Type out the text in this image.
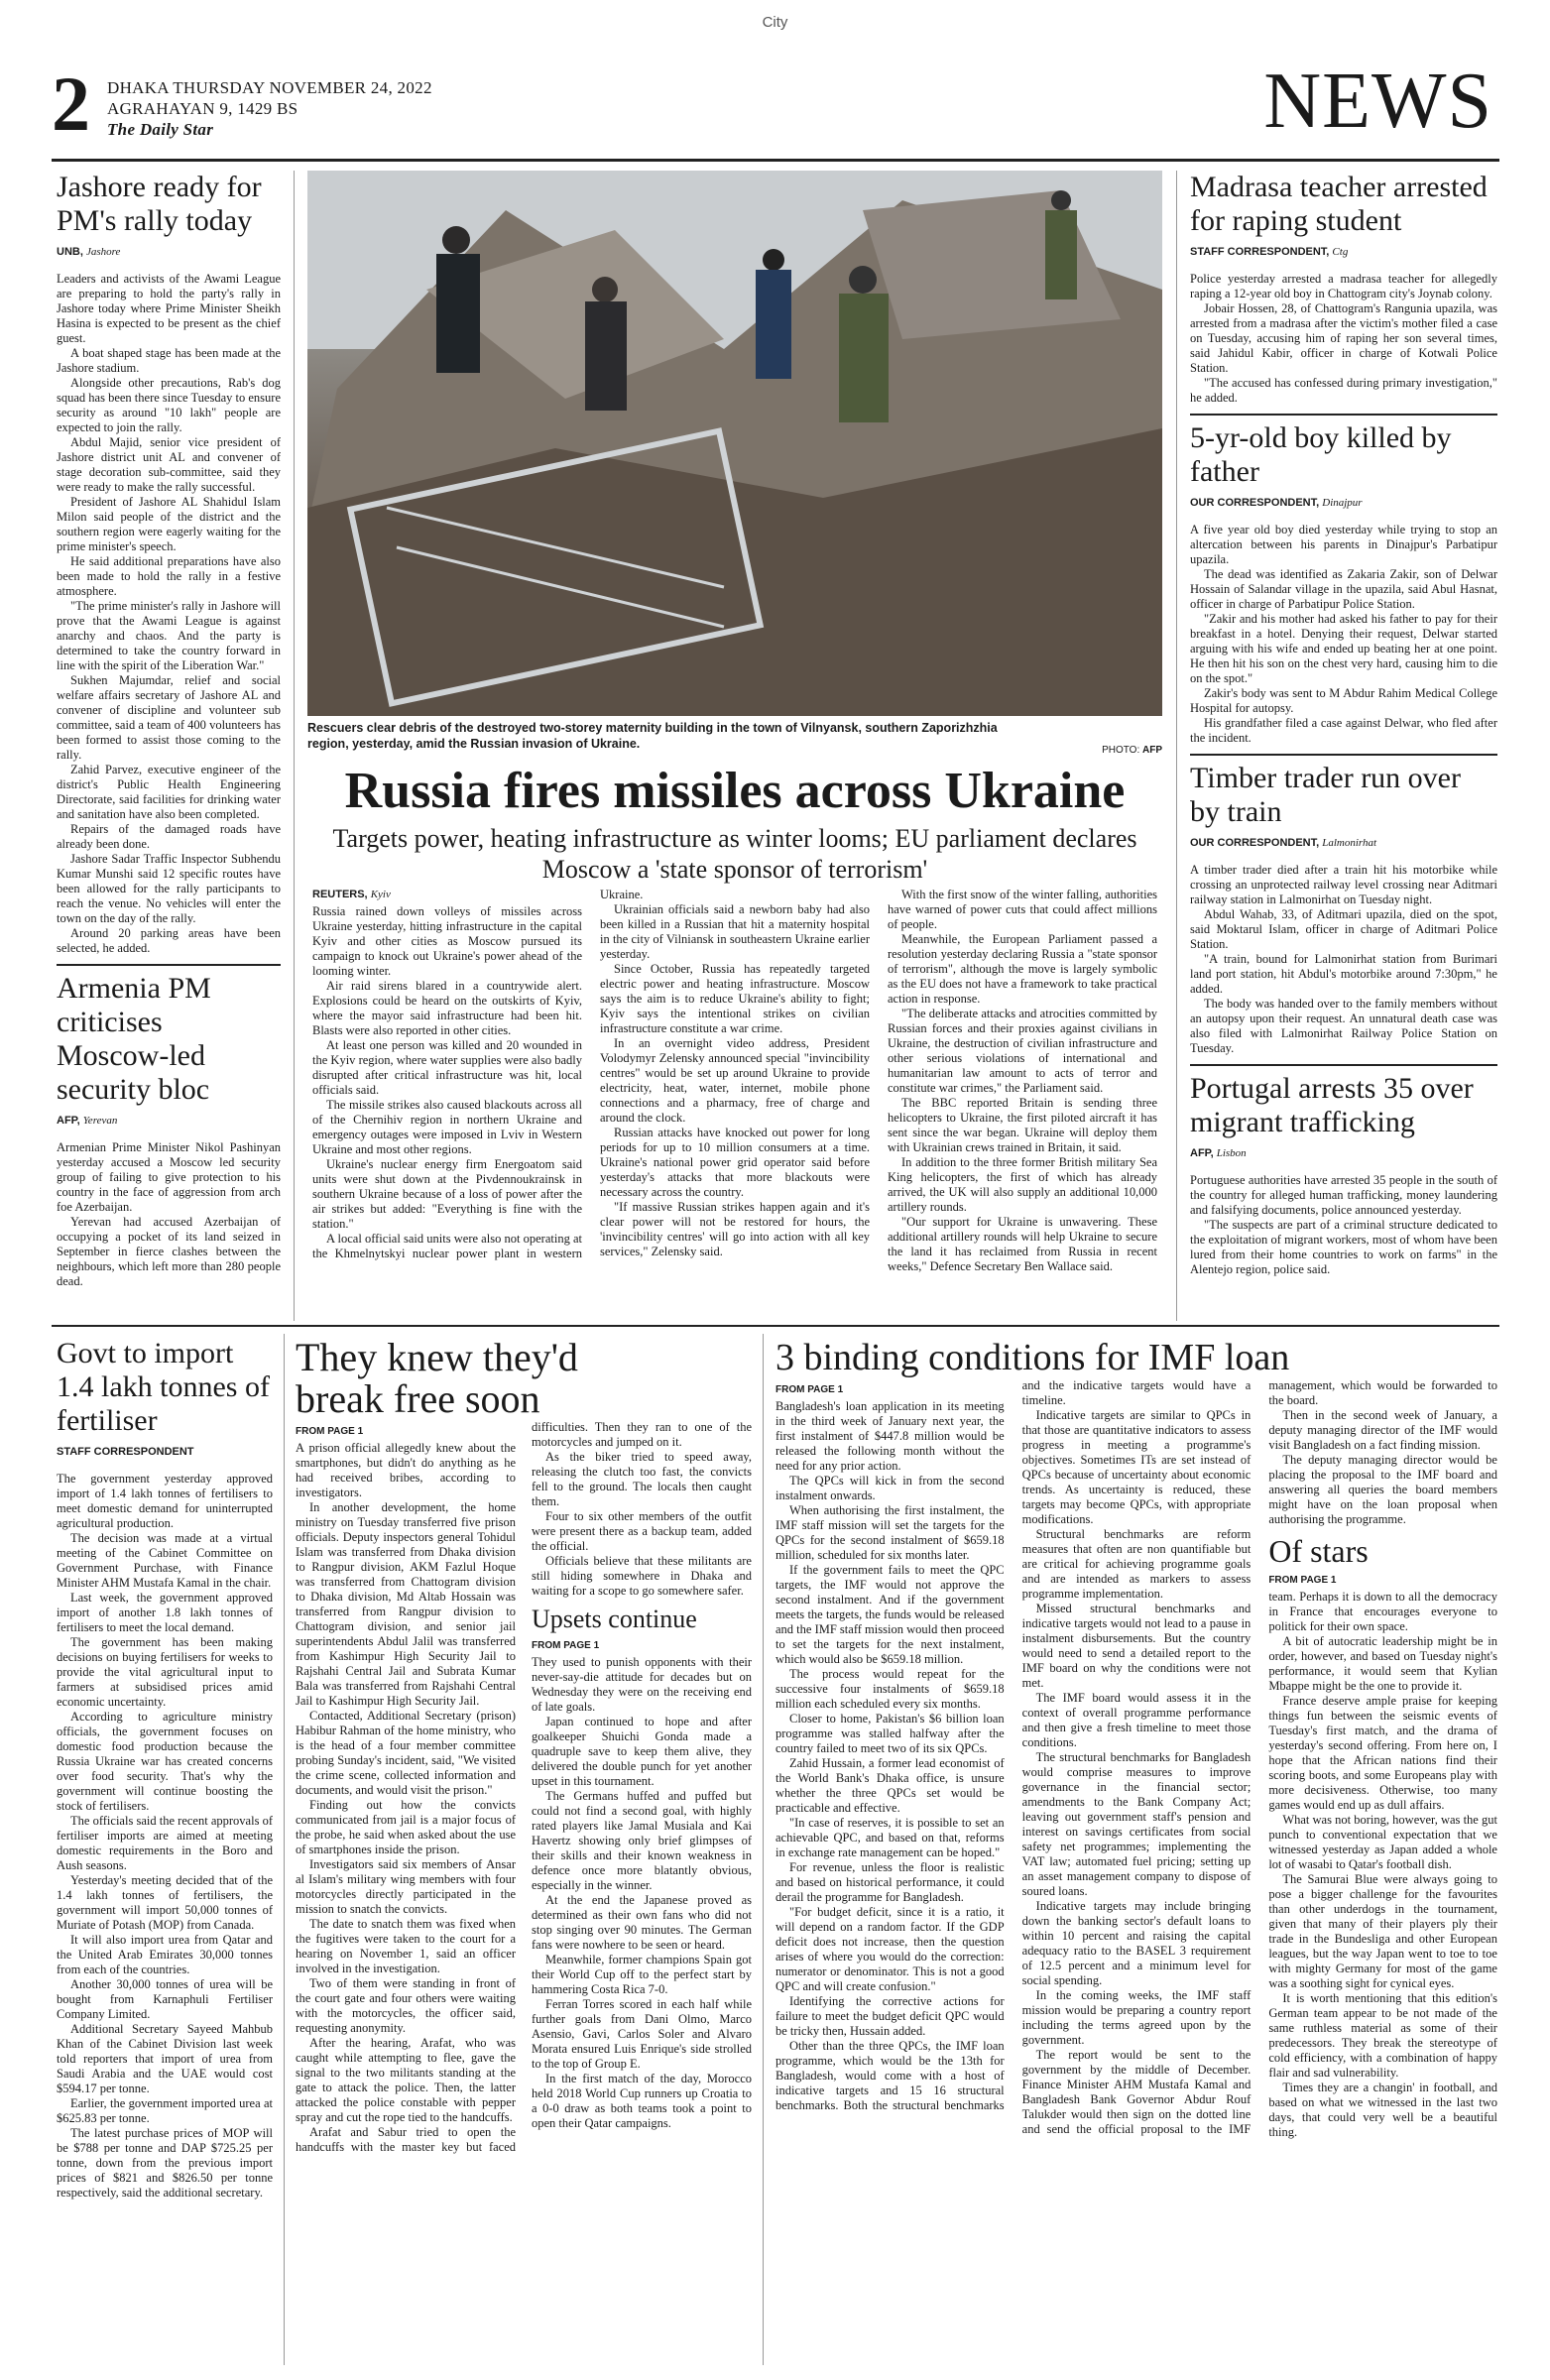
City
2 DHAKA THURSDAY NOVEMBER 24, 2022
AGRAHAYAN 9, 1429 BS
The Daily Star	NEWS
Jashore ready for PM's rally today
UNB, Jashore

Leaders and activists of the Awami League are preparing to hold the party's rally in Jashore today where Prime Minister Sheikh Hasina is expected to be present as the chief guest.

A boat shaped stage has been made at the Jashore stadium.

Alongside other precautions, Rab's dog squad has been there since Tuesday to ensure security as around "10 lakh" people are expected to join the rally.

Abdul Majid, senior vice president of Jashore district unit AL and convener of stage decoration sub-committee, said they were ready to make the rally successful.

President of Jashore AL Shahidul Islam Milon said people of the district and the southern region were eagerly waiting for the prime minister's speech.

He said additional preparations have also been made to hold the rally in a festive atmosphere.

"The prime minister's rally in Jashore will prove that the Awami League is against anarchy and chaos. And the party is determined to take the country forward in line with the spirit of the Liberation War."

Sukhen Majumdar, relief and social welfare affairs secretary of Jashore AL and convener of discipline and volunteer sub committee, said a team of 400 volunteers has been formed to assist those coming to the rally.

Zahid Parvez, executive engineer of the district's Public Health Engineering Directorate, said facilities for drinking water and sanitation have also been completed.

Repairs of the damaged roads have already been done.

Jashore Sadar Traffic Inspector Subhendu Kumar Munshi said 12 specific routes have been allowed for the rally participants to reach the venue. No vehicles will enter the town on the day of the rally.

Around 20 parking areas have been selected, he added.

Armenia PM criticises Moscow-led security bloc
AFP, Yerevan

Armenian Prime Minister Nikol Pashinyan yesterday accused a Moscow led security group of failing to give protection to his country in the face of aggression from arch foe Azerbaijan.

Yerevan had accused Azerbaijan of occupying a pocket of its land seized in September in fierce clashes between the neighbours, which left more than 280 people dead.

Rescuers clear debris of the destroyed two-storey maternity building in the town of Vilnyansk, southern Zaporizhzhia region, yesterday, amid the Russian invasion of Ukraine.	PHOTO: AFP
Russia fires missiles across Ukraine
Targets power, heating infrastructure as winter looms; EU parliament declares Moscow a 'state sponsor of terrorism'
REUTERS, Kyiv

Russia rained down volleys of missiles across Ukraine yesterday, hitting infrastructure in the capital Kyiv and other cities as Moscow pursued its campaign to knock out Ukraine's power ahead of the looming winter.

Air raid sirens blared in a countrywide alert. Explosions could be heard on the outskirts of Kyiv, where the mayor said infrastructure had been hit. Blasts were also reported in other cities.

At least one person was killed and 20 wounded in the Kyiv region, where water supplies were also badly disrupted after critical infrastructure was hit, local officials said.

The missile strikes also caused blackouts across all of the Chernihiv region in northern Ukraine and emergency outages were imposed in Lviv in Western Ukraine and most other regions.

Ukraine's nuclear energy firm Energoatom said units were shut down at the Pivdennoukrainsk in southern Ukraine because of a loss of power after the air strikes but added: "Everything is fine with the station."

A local official said units were also not operating at the Khmelnytskyi nuclear power plant in western Ukraine.

Ukrainian officials said a newborn baby had also been killed in a Russian that hit a maternity hospital in the city of Vilniansk in southeastern Ukraine earlier yesterday.

Since October, Russia has repeatedly targeted electric power and heating infrastructure. Moscow says the aim is to reduce Ukraine's ability to fight; Kyiv says the intentional strikes on civilian infrastructure constitute a war crime.

In an overnight video address, President Volodymyr Zelensky announced special "invincibility centres" would be set up around Ukraine to provide electricity, heat, water, internet, mobile phone connections and a pharmacy, free of charge and around the clock.

Russian attacks have knocked out power for long periods for up to 10 million consumers at a time. Ukraine's national power grid operator said before yesterday's attacks that more blackouts were necessary across the country.

"If massive Russian strikes happen again and it's clear power will not be restored for hours, the 'invincibility centres' will go into action with all key services," Zelensky said.

With the first snow of the winter falling, authorities have warned of power cuts that could affect millions of people.

Meanwhile, the European Parliament passed a resolution yesterday declaring Russia a "state sponsor of terrorism", although the move is largely symbolic as the EU does not have a framework to take practical action in response.

"The deliberate attacks and atrocities committed by Russian forces and their proxies against civilians in Ukraine, the destruction of civilian infrastructure and other serious violations of international and humanitarian law amount to acts of terror and constitute war crimes," the Parliament said.

The BBC reported Britain is sending three helicopters to Ukraine, the first piloted aircraft it has sent since the war began. Ukraine will deploy them with Ukrainian crews trained in Britain, it said.

In addition to the three former British military Sea King helicopters, the first of which has already arrived, the UK will also supply an additional 10,000 artillery rounds.

"Our support for Ukraine is unwavering. These additional artillery rounds will help Ukraine to secure the land it has reclaimed from Russia in recent weeks," Defence Secretary Ben Wallace said.

Madrasa teacher arrested for raping student
STAFF CORRESPONDENT, Ctg

Police yesterday arrested a madrasa teacher for allegedly raping a 12-year old boy in Chattogram city's Joynab colony.

Jobair Hossen, 28, of Chattogram's Rangunia upazila, was arrested from a madrasa after the victim's mother filed a case on Tuesday, accusing him of raping her son several times, said Jahidul Kabir, officer in charge of Kotwali Police Station.

"The accused has confessed during primary investigation," he added.

5-yr-old boy killed by father
OUR CORRESPONDENT, Dinajpur

A five year old boy died yesterday while trying to stop an altercation between his parents in Dinajpur's Parbatipur upazila.

The dead was identified as Zakaria Zakir, son of Delwar Hossain of Salandar village in the upazila, said Abul Hasnat, officer in charge of Parbatipur Police Station.

"Zakir and his mother had asked his father to pay for their breakfast in a hotel. Denying their request, Delwar started arguing with his wife and ended up beating her at one point. He then hit his son on the chest very hard, causing him to die on the spot."

Zakir's body was sent to M Abdur Rahim Medical College Hospital for autopsy.

His grandfather filed a case against Delwar, who fled after the incident.

Timber trader run over by train
OUR CORRESPONDENT, Lalmonirhat

A timber trader died after a train hit his motorbike while crossing an unprotected railway level crossing near Aditmari railway station in Lalmonirhat on Tuesday night.

Abdul Wahab, 33, of Aditmari upazila, died on the spot, said Moktarul Islam, officer in charge of Aditmari Police Station.

"A train, bound for Lalmonirhat station from Burimari land port station, hit Abdul's motorbike around 7:30pm," he added.

The body was handed over to the family members without an autopsy upon their request. An unnatural death case was also filed with Lalmonirhat Railway Police Station on Tuesday.

Portugal arrests 35 over migrant trafficking
AFP, Lisbon

Portuguese authorities have arrested 35 people in the south of the country for alleged human trafficking, money laundering and falsifying documents, police announced yesterday.

"The suspects are part of a criminal structure dedicated to the exploitation of migrant workers, most of whom have been lured from their home countries to work on farms" in the Alentejo region, police said.

Govt to import 1.4 lakh tonnes of fertiliser
STAFF CORRESPONDENT

The government yesterday approved import of 1.4 lakh tonnes of fertilisers to meet domestic demand for uninterrupted agricultural production.

The decision was made at a virtual meeting of the Cabinet Committee on Government Purchase, with Finance Minister AHM Mustafa Kamal in the chair.

Last week, the government approved import of another 1.8 lakh tonnes of fertilisers to meet the local demand.

The government has been making decisions on buying fertilisers for weeks to provide the vital agricultural input to farmers at subsidised prices amid economic uncertainty.

According to agriculture ministry officials, the government focuses on domestic food production because the Russia Ukraine war has created concerns over food security. That's why the government will continue boosting the stock of fertilisers.

The officials said the recent approvals of fertiliser imports are aimed at meeting domestic requirements in the Boro and Aush seasons.

Yesterday's meeting decided that of the 1.4 lakh tonnes of fertilisers, the government will import 50,000 tonnes of Muriate of Potash (MOP) from Canada.

It will also import urea from Qatar and the United Arab Emirates 30,000 tonnes from each of the countries.

Another 30,000 tonnes of urea will be bought from Karnaphuli Fertiliser Company Limited.

Additional Secretary Sayeed Mahbub Khan of the Cabinet Division last week told reporters that import of urea from Saudi Arabia and the UAE would cost $594.17 per tonne.

Earlier, the government imported urea at $625.83 per tonne.

The latest purchase prices of MOP will be $788 per tonne and DAP $725.25 per tonne, down from the previous import prices of $821 and $826.50 per tonne respectively, said the additional secretary.

They knew they'd break free soon
FROM PAGE 1

A prison official allegedly knew about the smartphones, but didn't do anything as he had received bribes, according to investigators.

In another development, the home ministry on Tuesday transferred five prison officials. Deputy inspectors general Tohidul Islam was transferred from Dhaka division to Rangpur division, AKM Fazlul Hoque was transferred from Chattogram division to Dhaka division, Md Altab Hossain was transferred from Rangpur division to Chattogram division, and senior jail superintendents Abdul Jalil was transferred from Kashimpur High Security Jail to Rajshahi Central Jail and Subrata Kumar Bala was transferred from Rajshahi Central Jail to Kashimpur High Security Jail.

Contacted, Additional Secretary (prison) Habibur Rahman of the home ministry, who is the head of a four member committee probing Sunday's incident, said, "We visited the crime scene, collected information and documents, and would visit the prison."

Finding out how the convicts communicated from jail is a major focus of the probe, he said when asked about the use of smartphones inside the prison.

Investigators said six members of Ansar al Islam's military wing members with four motorcycles directly participated in the mission to snatch the convicts.

The date to snatch them was fixed when the fugitives were taken to the court for a hearing on November 1, said an officer involved in the investigation.

Two of them were standing in front of the court gate and four others were waiting with the motorcycles, the officer said, requesting anonymity.

After the hearing, Arafat, who was caught while attempting to flee, gave the signal to the two militants standing at the gate to attack the police. Then, the latter attacked the police constable with pepper spray and cut the rope tied to the handcuffs.

Arafat and Sabur tried to open the handcuffs with the master key but faced difficulties. Then they ran to one of the motorcycles and jumped on it.

As the biker tried to speed away, releasing the clutch too fast, the convicts fell to the ground. The locals then caught them.

Four to six other members of the outfit were present there as a backup team, added the official.

Officials believe that these militants are still hiding somewhere in Dhaka and waiting for a scope to go somewhere safer.

Upsets continue
FROM PAGE 1

They used to punish opponents with their never-say-die attitude for decades but on Wednesday they were on the receiving end of late goals.

Japan continued to hope and after goalkeeper Shuichi Gonda made a quadruple save to keep them alive, they delivered the double punch for yet another upset in this tournament.

The Germans huffed and puffed but could not find a second goal, with highly rated players like Jamal Musiala and Kai Havertz showing only brief glimpses of their skills and their known weakness in defence once more blatantly obvious, especially in the winner.

At the end the Japanese proved as determined as their own fans who did not stop singing over 90 minutes. The German fans were nowhere to be seen or heard.

Meanwhile, former champions Spain got their World Cup off to the perfect start by hammering Costa Rica 7-0.

Ferran Torres scored in each half while further goals from Dani Olmo, Marco Asensio, Gavi, Carlos Soler and Alvaro Morata ensured Luis Enrique's side strolled to the top of Group E.

In the first match of the day, Morocco held 2018 World Cup runners up Croatia to a 0-0 draw as both teams took a point to open their Qatar campaigns.

3 binding conditions for IMF loan
FROM PAGE 1

Bangladesh's loan application in its meeting in the third week of January next year, the first instalment of $447.8 million would be released the following month without the need for any prior action.

The QPCs will kick in from the second instalment onwards.

When authorising the first instalment, the IMF staff mission will set the targets for the QPCs for the second instalment of $659.18 million, scheduled for six months later.

If the government fails to meet the QPC targets, the IMF would not approve the second instalment. And if the government meets the targets, the funds would be released and the IMF staff mission would then proceed to set the targets for the next instalment, which would also be $659.18 million.

The process would repeat for the successive four instalments of $659.18 million each scheduled every six months.

Closer to home, Pakistan's $6 billion loan programme was stalled halfway after the country failed to meet two of its six QPCs.

Zahid Hussain, a former lead economist of the World Bank's Dhaka office, is unsure whether the three QPCs set would be practicable and effective.

"In case of reserves, it is possible to set an achievable QPC, and based on that, reforms in exchange rate management can be hoped."

For revenue, unless the floor is realistic and based on historical performance, it could derail the programme for Bangladesh.

"For budget deficit, since it is a ratio, it will depend on a random factor. If the GDP deficit does not increase, then the question arises of where you would do the correction: numerator or denominator. This is not a good QPC and will create confusion."

Identifying the corrective actions for failure to meet the budget deficit QPC would be tricky then, Hussain added.

Other than the three QPCs, the IMF loan programme, which would be the 13th for Bangladesh, would come with a host of indicative targets and 15 16 structural benchmarks. Both the structural benchmarks and the indicative targets would have a timeline.

Indicative targets are similar to QPCs in that those are quantitative indicators to assess progress in meeting a programme's objectives. Sometimes ITs are set instead of QPCs because of uncertainty about economic trends. As uncertainty is reduced, these targets may become QPCs, with appropriate modifications.

Structural benchmarks are reform measures that often are non quantifiable but are critical for achieving programme goals and are intended as markers to assess programme implementation.

Missed structural benchmarks and indicative targets would not lead to a pause in instalment disbursements. But the country would need to send a detailed report to the IMF board on why the conditions were not met.

The IMF board would assess it in the context of overall programme performance and then give a fresh timeline to meet those conditions.

The structural benchmarks for Bangladesh would comprise measures to improve governance in the financial sector; amendments to the Bank Company Act; leaving out government staff's pension and interest on savings certificates from social safety net programmes; implementing the VAT law; automated fuel pricing; setting up an asset management company to dispose of soured loans.

Indicative targets may include bringing down the banking sector's default loans to within 10 percent and raising the capital adequacy ratio to the BASEL 3 requirement of 12.5 percent and a minimum level for social spending.

In the coming weeks, the IMF staff mission would be preparing a country report including the terms agreed upon by the government.

The report would be sent to the government by the middle of December. Finance Minister AHM Mustafa Kamal and Bangladesh Bank Governor Abdur Rouf Talukder would then sign on the dotted line and send the official proposal to the IMF management, which would be forwarded to the board.

Then in the second week of January, a deputy managing director of the IMF would visit Bangladesh on a fact finding mission.

The deputy managing director would be placing the proposal to the IMF board and answering all queries the board members might have on the loan proposal when authorising the programme.

Of stars
FROM PAGE 1

team. Perhaps it is down to all the democracy in France that encourages everyone to politick for their own space.

A bit of autocratic leadership might be in order, however, and based on Tuesday night's performance, it would seem that Kylian Mbappe might be the one to provide it.

France deserve ample praise for keeping things fun between the seismic events of Tuesday's first match, and the drama of yesterday's second offering. From here on, I hope that the African nations find their scoring boots, and some Europeans play with more decisiveness. Otherwise, too many games would end up as dull affairs.

What was not boring, however, was the gut punch to conventional expectation that we witnessed yesterday as Japan added a whole lot of wasabi to Qatar's football dish.

The Samurai Blue were always going to pose a bigger challenge for the favourites than other underdogs in the tournament, given that many of their players ply their trade in the Bundesliga and other European leagues, but the way Japan went to toe to toe with mighty Germany for most of the game was a soothing sight for cynical eyes.

It is worth mentioning that this edition's German team appear to be not made of the same ruthless material as some of their predecessors. They break the stereotype of cold efficiency, with a combination of happy flair and sad vulnerability.

Times they are a changin' in football, and based on what we witnessed in the last two days, that could very well be a beautiful thing.
